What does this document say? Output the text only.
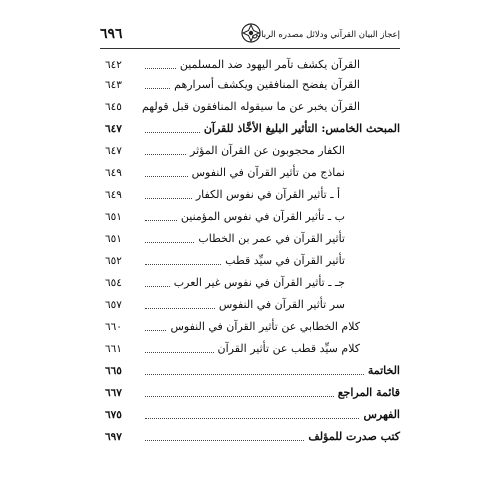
٦٩٦	إعجاز البيان القرآني ودلائل مصدره الرباني
القرآن يكشف تآمر اليهود ضد المسلمين
٦٤٢
القرآن يفضح المنافقين ويكشف أسرارهم
٦٤٣
القرآن يخبر عن ما سيقوله المنافقون قبل قولهم
٦٤٥
المبحث الخامس: التأثير البليغ الأخَّاذ للقرآن
٦٤٧
الكفار محجوبون عن القرآن المؤثر
٦٤٧
نماذج من تأثير القرآن في النفوس
٦٤٩
أ ـ تأثير القرآن في نفوس الكفار
٦٤٩
ب ـ تأثير القرآن في نفوس المؤمنين
٦٥١
تأثير القرآن في عمر بن الخطاب
٦٥١
تأثير القرآن في سيِّد قطب
٦٥٢
جـ ـ تأثير القرآن في نفوس غير العرب
٦٥٤
سر تأثير القرآن في النفوس
٦٥٧
كلام الخطابي عن تأثير القرآن في النفوس
٦٦٠
كلام سيِّد قطب عن تأثير القرآن
٦٦١
الخاتمة
٦٦٥
قائمة المراجع
٦٦٧
الفهرس
٦٧٥
كتب صدرت للمؤلف
٦٩٧
